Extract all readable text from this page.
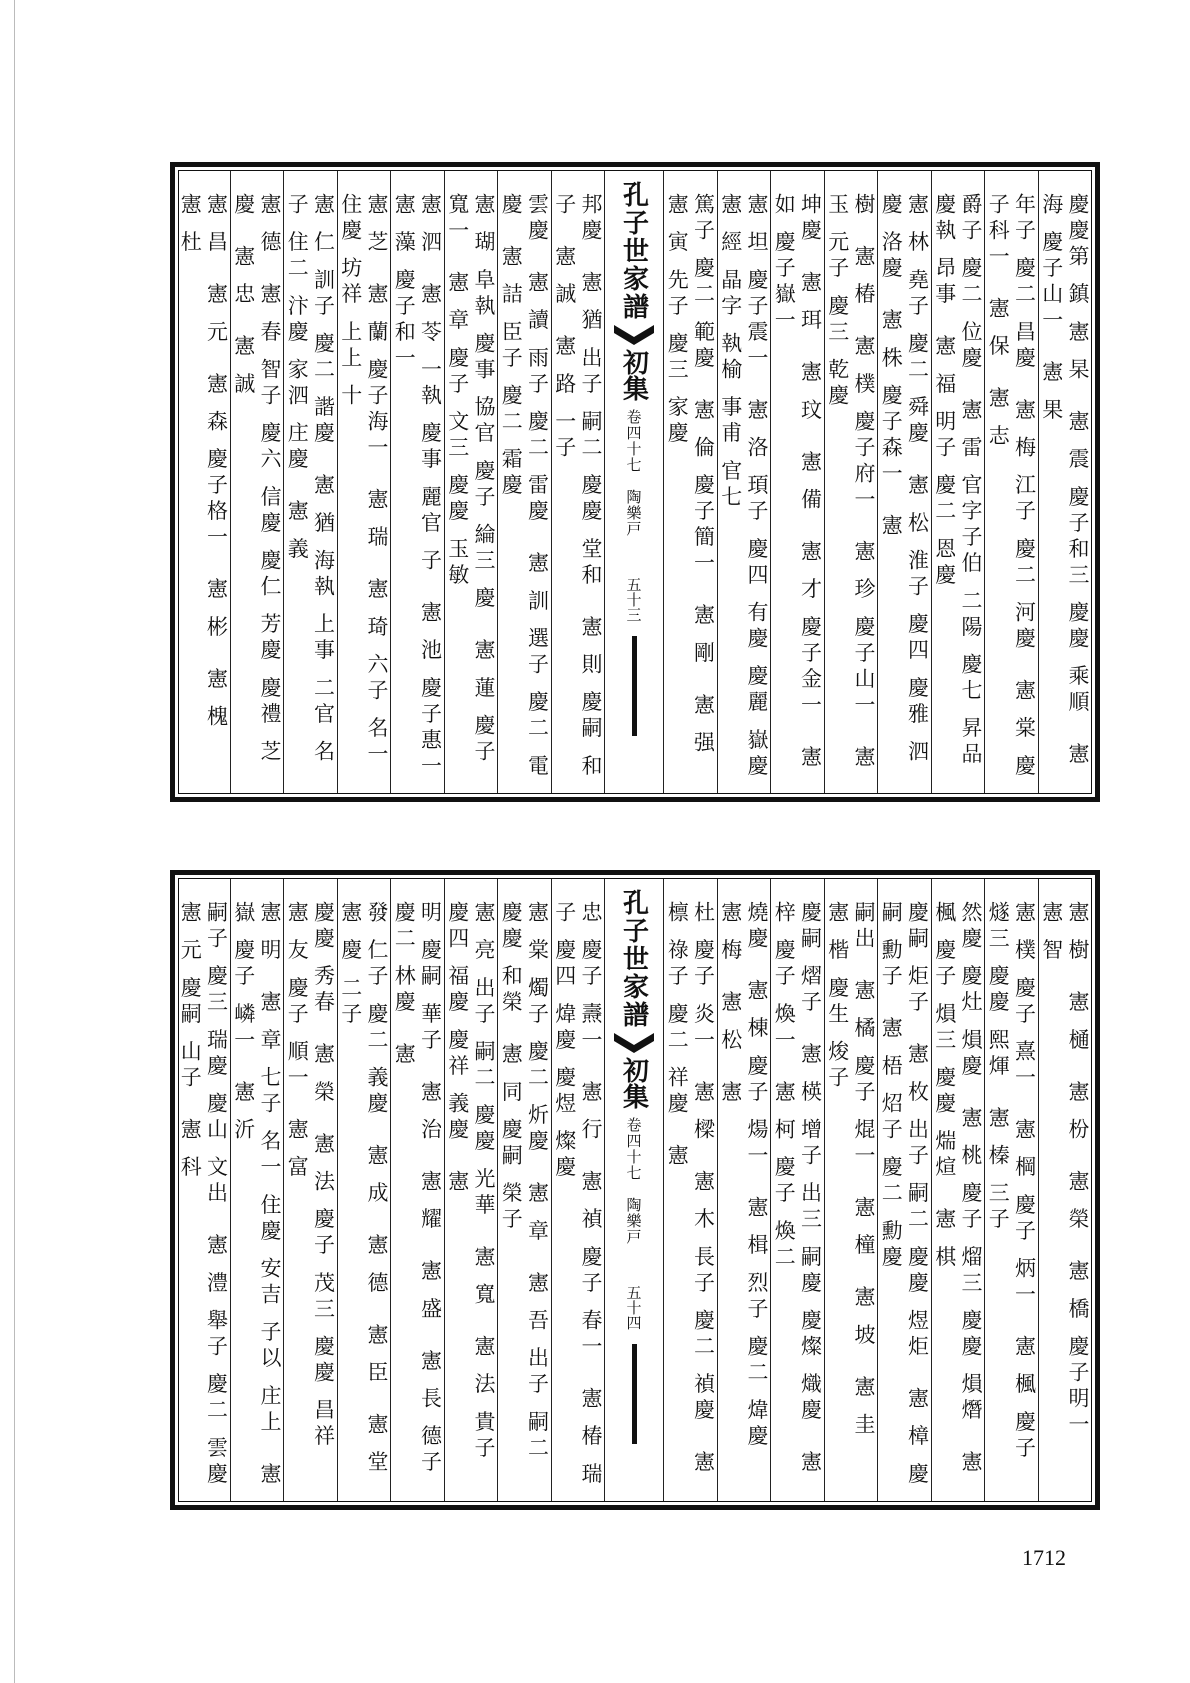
慶慶第 鎮 憲 杲　憲 震 慶子和三 慶慶 乘順　憲 海 慶子山一　憲 果
年子 慶二 昌慶　憲 梅 江子 慶二 河慶　憲 棠 慶子科一　憲 保　憲 志
爵子 慶二 位慶　憲 雷 官字子伯 二陽 慶七 昇品 慶執 昂事　憲 福 明子 慶二 恩慶
憲 林 堯子 慶二 舜慶　憲 松 淮子 慶四 慶雅 泗慶 洛慶　憲 株 慶子森一　憲
樹　憲 椿　憲 樸 慶子府一　憲 珍 慶子山一　憲 玉 元子 慶三 乾慶
坤慶　憲 珥　憲 玟　憲 備　憲 才 慶子金一　憲 如 慶子嶽一
憲 坦 慶子震一　憲 洛 頊子 慶四 有慶 慶麗 嶽慶　憲 經 晶字 執榆 事甫 官七
篤子 慶二 範慶　憲 倫 慶子簡一　憲 剛　憲 强　憲 寅 先子 慶三 家慶
孔子世家譜
初集
卷四十七　陶樂戸
五十三
邦慶　憲 猶 出子 嗣二 慶慶 堂和　憲 則 慶嗣 和子　憲 誠　憲 路 一子
雲慶　憲 讀 雨子 慶二 雷慶　憲 訓 選子 慶二 電慶　憲 詰 臣子 慶二 霜慶
憲 瑚 阜執 慶事 協官 慶子 綸三 慶　憲 蓮 慶子寬一　憲 章 慶子 文三 慶慶 玉敏
憲 泗　憲 苓 一執 慶事 麗官 子　憲 池 慶子惠一　憲 藻 慶子和一
憲 芝　憲 蘭 慶子海一　憲 瑞　憲 琦 六子 名一 住慶 坊祥 上上 十
憲 仁 訓子 慶二 諧慶　憲 猶 海執 上事 二官 名子 住二 汴慶 家泗 庄慶　憲 義
憲 德　憲 春 智子 慶六 信慶 慶仁 芳慶 慶禮 芝慶　憲 忠　憲 誠
憲 昌　憲 元　憲 森 慶子格一　憲 彬　憲 槐　憲 杜
憲 樹　憲 樋　憲 枌　憲 榮　憲 橋 慶子明一　憲 智
憲 樸 慶子 熹一　憲 棡 慶子 炳一　憲 楓 慶子 燧三 慶慶 熙煇　憲 榛 三子
然慶 慶灶 熉慶　憲 桃 慶子 熘三 慶慶 熉熸　憲 楓 慶子 熉三 慶慶 煓煊　憲 棋
慶嗣 炬子　憲 枚 出子 嗣二 慶慶 煜炬　憲 樟 慶嗣 勳子　憲 梧 炤子 慶二 勳慶
嗣出　憲 橘 慶子 焜一　憲 橦　憲 坡　憲 圭　憲 楷 慶生 焌子
慶嗣 熠子　憲 楧 增子 出三 嗣慶 慶燦 熾慶　憲 梓 慶子 煥一　憲 柯 慶子 煥二
燒慶　憲 棟 慶子 煬一　憲 楫 烈子 慶二 煒慶　憲 梅　憲 松　憲
杜 慶子 炎一　憲 樑　憲 木 長子 慶二 禎慶　憲 檩 祿子 慶二 祥慶　憲
孔子世家譜
初集
卷四十七　陶樂戸
五十四
忠 慶子 燾一　憲 行　憲 禎 慶子 春一　憲 椿 瑞子 慶四 煒慶 慶煜 燦慶
憲 棠 燭子 慶二 炘慶　憲 章　憲 吾 出子 嗣二 慶慶 和榮　憲 同 慶嗣 榮子
憲 亮 出子 嗣二 慶慶 光華　憲 寬　憲 法 貴子 慶四 福慶 慶祥 義慶　憲
明 慶嗣 華子　憲 治　憲 耀　憲 盛　憲 長 德子 慶二 林慶　憲
發 仁子 慶二 義慶　憲 成　憲 德　憲 臣　憲 堂　憲 慶 二子
慶慶 秀春　憲 榮　憲 法 慶子 茂三 慶慶 昌祥　憲 友 慶子 順一　憲 富
憲 明　憲 章 七子 名一 住慶 安吉 子以 庄上　憲 嶽 慶子 嶙一　憲 沂
嗣子 慶三 瑞慶 慶山 文出　憲 澧 舉子 慶二 雲慶　憲 元 慶嗣 山子　憲 科
1712
